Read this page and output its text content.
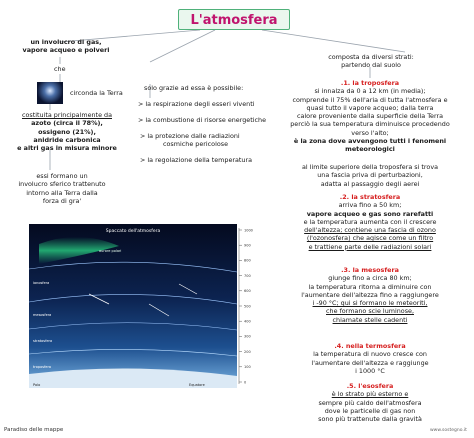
L'atmosfera
un involucro di gas,
vapore acqueo e polveri
che
circonda la Terra
costituita principalmente da
azoto (circa il 78%),
ossigeno (21%),
anidride carbonica
e altri gas in misura minore
essi formano un
involucro sferico trattenuto
intorno alla Terra dalla
forza di gra'
solo grazie ad essa è possibile:
> la respirazione degli esseri viventi
> la combustione di risorse energetiche
> la protezione dalle radiazioni
cosmiche pericolose
> la regolazione della temperatura
composta da diversi strati:
partendo dal suolo
.1. la troposfera
si innalza da 0 a 12 km (in media);
comprende il 75% dell'aria di tutta l'atmosfera e
quasi tutto il vapore acqueo; dalla terra
calore proveniente dalla superficie della Terra
perciò la sua temperatura diminuisce procedendo
verso l'alto;
è la zona dove avvengono tutti i fenomeni
meteorologici
al limite superiore della troposfera si trova
una fascia priva di perturbazioni,
adatta al passaggio degli aerei
.2. la stratosfera
arriva fino a 50 km;
vapore acqueo e gas sono rarefatti
e la temperatura aumenta con il crescere
dell'altezza; contiene una fascia di ozono
(l'ozonosfera) che agisce come un filtro
e trattiene parte delle radiazioni solari
.3. la mesosfera
giunge fino a circa 80 km;
la temperatura ritorna a diminuire con
l'aumentare dell'altezza fino a raggiungere
i -90 °C; qui si formano le meteoriti,
che formano scie luminose,
chiamate stelle cadenti
.4. nella termosfera
la temperatura di nuovo cresce con
l'aumentare dell'altezza e raggiunge
i 1000 °C
.5. l'esosfera
è lo strato più esterno e
sempre più caldo dell'atmosfera
dove le particelle di gas non
sono più trattenute dalla gravità
Spaccato dell'atmosfera
aurore polari
ionosfera
mesosfera
stratosfera
troposfera
Polo	Equatore
1000
900
800
700
600
500
400
300
200
100
0
Paradiso delle mappe	www.sostegno.it
